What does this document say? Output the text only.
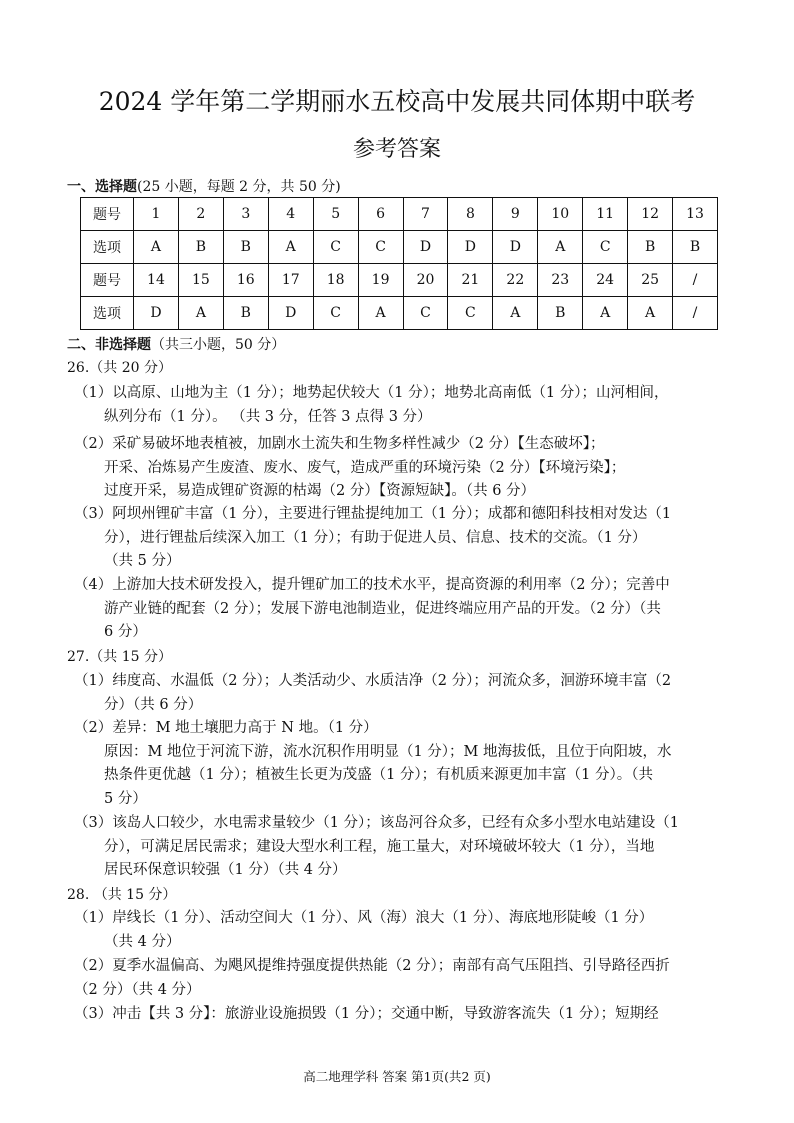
2024 学年第二学期丽水五校高中发展共同体期中联考
参考答案
一、选择题(25 小题，每题 2 分，共 50 分)
题号	1	2	3	4	5	6	7	8	9	10	11	12	13
选项	A	B	B	A	C	C	D	D	D	A	C	B	B
题号	14	15	16	17	18	19	20	21	22	23	24	25	/
选项	D	A	B	D	C	A	C	C	A	B	A	A	/
二、非选择题（共三小题，50 分）
26.（共 20 分）
（1）以高原、山地为主（1 分）；地势起伏较大（1 分）；地势北高南低（1 分）；山河相间，
纵列分布（1 分）。 （共 3 分，任答 3 点得 3 分）
（2）采矿易破坏地表植被，加剧水土流失和生物多样性减少（2 分）【生态破坏】；
开采、冶炼易产生废渣、废水、废气，造成严重的环境污染（2 分）【环境污染】；
过度开采，易造成锂矿资源的枯竭（2 分）【资源短缺】。（共 6 分）
（3）阿坝州锂矿丰富（1 分），主要进行锂盐提纯加工（1 分）；成都和德阳科技相对发达（1
分），进行锂盐后续深入加工（1 分）；有助于促进人员、信息、技术的交流。（1 分）
（共 5 分）
（4）上游加大技术研发投入，提升锂矿加工的技术水平，提高资源的利用率（2 分）；完善中
游产业链的配套（2 分）；发展下游电池制造业，促进终端应用产品的开发。（2 分）（共
6 分）
27.（共 15 分）
（1）纬度高、水温低（2 分）；人类活动少、水质洁净（2 分）；河流众多，洄游环境丰富（2
分）（共 6 分）
（2）差异：M 地土壤肥力高于 N 地。（1 分）
原因：M 地位于河流下游，流水沉积作用明显（1 分）；M 地海拔低，且位于向阳坡，水
热条件更优越（1 分）；植被生长更为茂盛（1 分）；有机质来源更加丰富（1 分）。（共
5 分）
（3）该岛人口较少，水电需求量较少（1 分）；该岛河谷众多，已经有众多小型水电站建设（1
分），可满足居民需求；建设大型水利工程，施工量大，对环境破坏较大（1 分），当地
居民环保意识较强（1 分）（共 4 分）
28. （共 15 分）
（1）岸线长（1 分）、活动空间大（1 分）、风（海）浪大（1 分）、海底地形陡峻（1 分）
（共 4 分）
（2）夏季水温偏高、为飓风提维持强度提供热能（2 分）；南部有高气压阻挡、引导路径西折
（2 分）（共 4 分）
（3）冲击【共 3 分】：旅游业设施损毁（1 分）；交通中断，导致游客流失（1 分）；短期经
高二地理学科 答案 第1页(共2 页)
